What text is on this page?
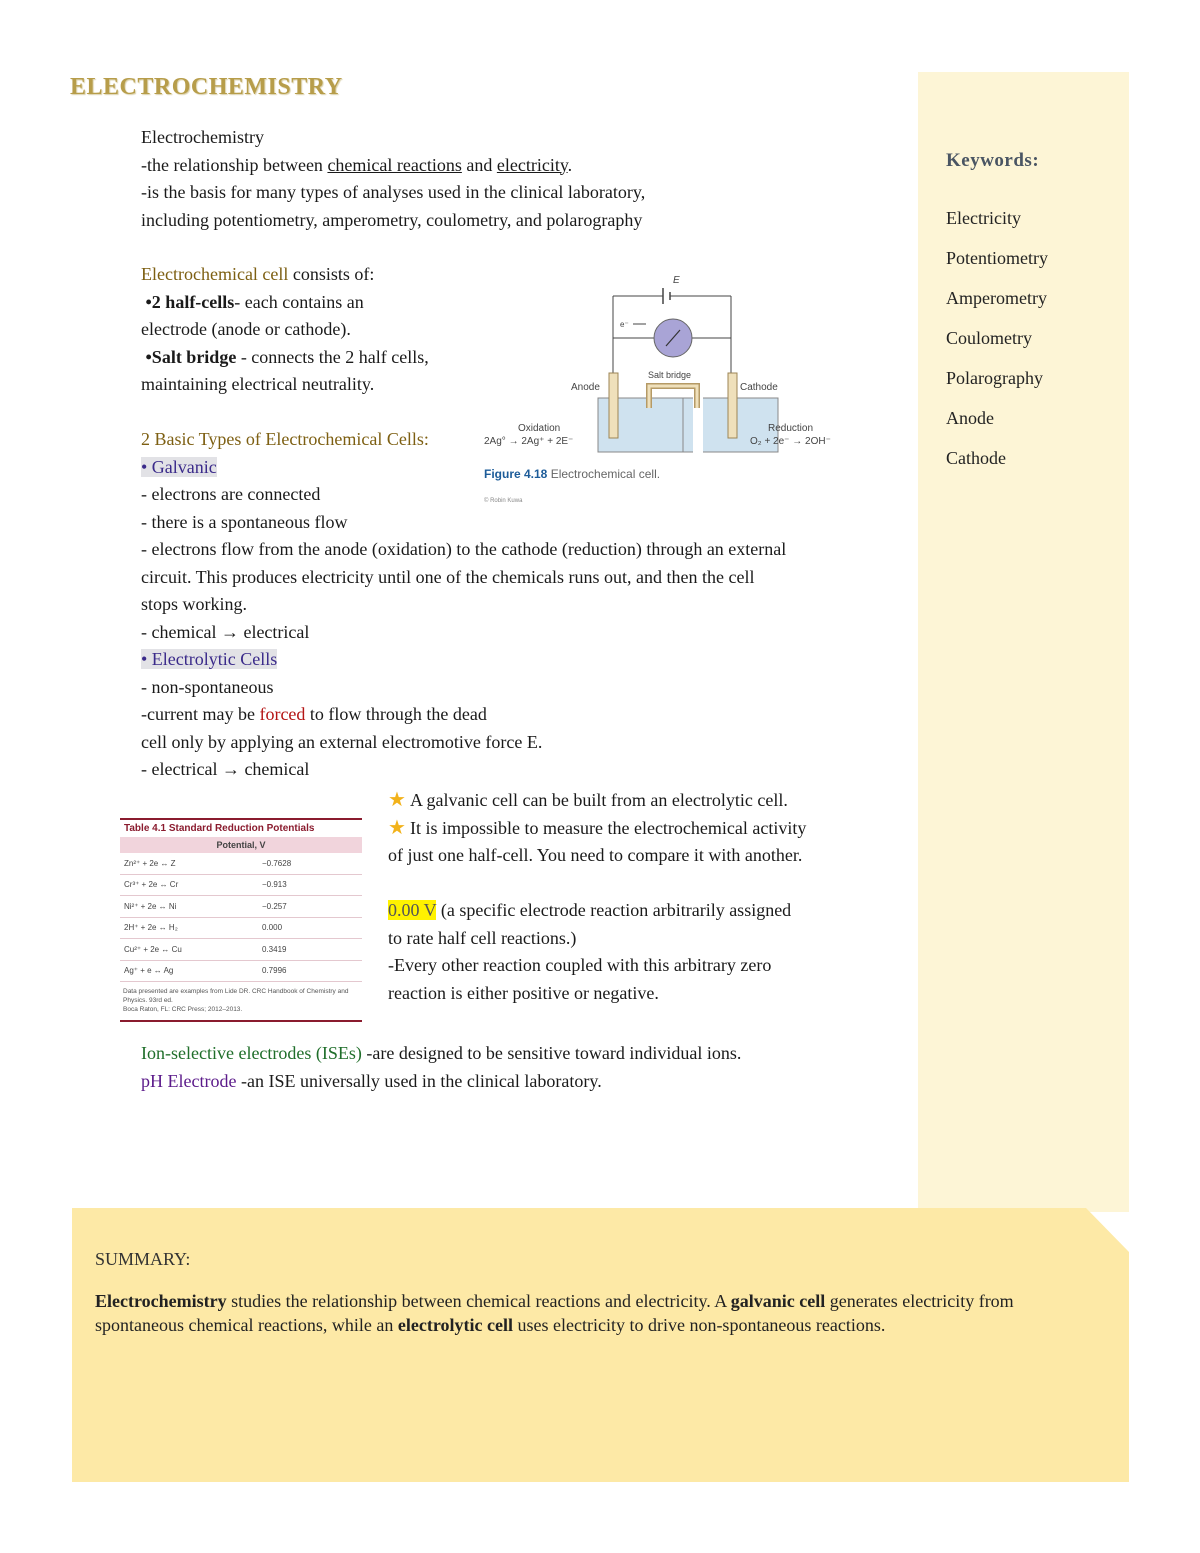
Keywords:
Electricity
Potentiometry
Amperometry
Coulometry
Polarography
Anode
Cathode
ELECTROCHEMISTRY
Electrochemistry
-the relationship between chemical reactions and electricity.
-is the basis for many types of analyses used in the clinical laboratory,
including potentiometry, amperometry, coulometry, and polarography
Electrochemical cell consists of:
•2 half-cells- each contains an
electrode (anode or cathode).
•Salt bridge - connects the 2 half cells,
maintaining electrical neutrality.
E
e⁻
Anode	Cathode
Salt bridge
Oxidation
2Ag° → 2Ag⁺ + 2E⁻
Reduction
O₂ + 2e⁻ → 2OH⁻
Figure 4.18 Electrochemical cell.
© Robin Kuwa
2 Basic Types of Electrochemical Cells:
• Galvanic
- electrons are connected
- there is a spontaneous flow
- electrons flow from the anode (oxidation) to the cathode (reduction) through an external
circuit. This produces electricity until one of the chemicals runs out, and then the cell
stops working.
- chemical → electrical
• Electrolytic Cells
- non-spontaneous
-current may be forced to flow through the dead
cell only by applying an external electromotive force E.
- electrical → chemical
Table 4.1 Standard Reduction Potentials
Potential, V
Zn²⁺ + 2e ↔ Z	−0.7628
Cr³⁺ + 2e ↔ Cr	−0.913
Ni²⁺ + 2e ↔ Ni	−0.257
2H⁺ + 2e ↔ H₂	0.000
Cu²⁺ + 2e ↔ Cu	0.3419
Ag⁺ + e ↔ Ag	0.7996
Data presented are examples from Lide DR. CRC Handbook of Chemistry and Physics. 93rd ed.
Boca Raton, FL: CRC Press; 2012–2013.
★ A galvanic cell can be built from an electrolytic cell.
★ It is impossible to measure the electrochemical activity
of just one half-cell. You need to compare it with another.
0.00 V (a specific electrode reaction arbitrarily assigned
to rate half cell reactions.)
-Every other reaction coupled with this arbitrary zero
reaction is either positive or negative.
Ion-selective electrodes (ISEs) -are designed to be sensitive toward individual ions.
pH Electrode -an ISE universally used in the clinical laboratory.
SUMMARY:
Electrochemistry studies the relationship between chemical reactions and electricity. A galvanic cell generates electricity from spontaneous chemical reactions, while an electrolytic cell uses electricity to drive non-spontaneous reactions.
